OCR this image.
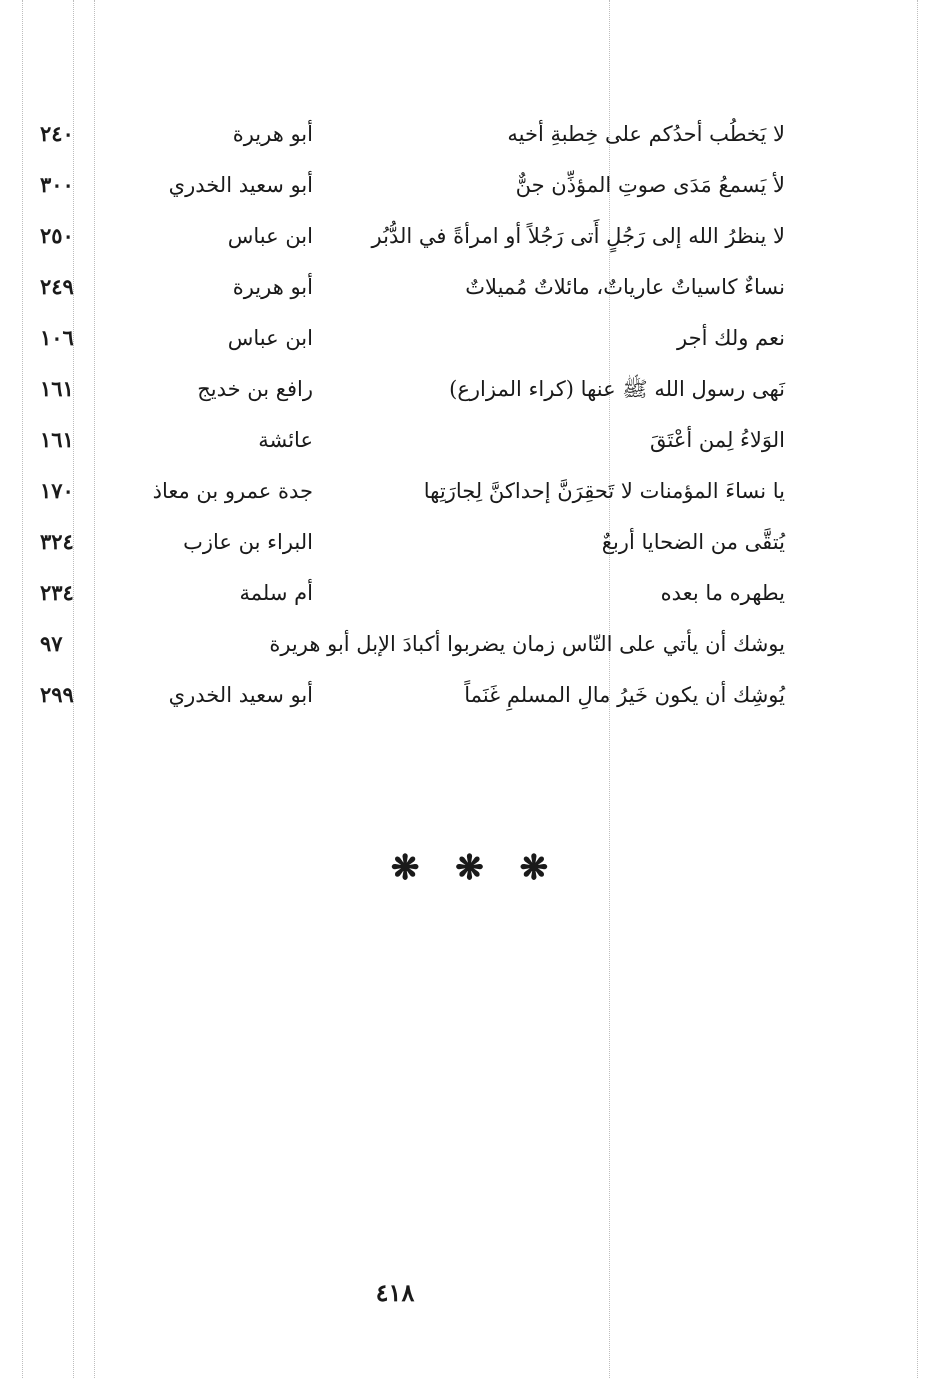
لا يَخطُب أحدُكم على خِطبةِ أخيه
أبو هريرة
٢٤٠
لأ يَسمعُ مَدَى صوتِ المؤذِّن جنٌّ
أبو سعيد الخدري
٣٠٠
لا ينظرُ الله إلى رَجُلٍ أَتى رَجُلاً أو امرأةً في الدُّبُر
ابن عباس
٢٥٠
نساءٌ كاسياتٌ عارياتٌ، مائلاتٌ مُميلاتٌ
أبو هريرة
٢٤٩
نعم ولك أجر
ابن عباس
١٠٦
نَهى رسول الله ﷺ عنها (كراء المزارع)
رافع بن خديج
١٦١
الوَلاءُ لِمن أعْتَقَ
عائشة
١٦١
يا نساءَ المؤمنات لا تَحقِرَنَّ إحداكنَّ لِجارَتِها
جدة عمرو بن معاذ
١٧٠
يُتقَّى من الضحايا أربعٌ
البراء بن عازب
٣٢٤
يطهره ما بعده
أم سلمة
٢٣٤
يوشك أن يأتي على النّاس زمان يضربوا أكبادَ الإبل أبو هريرة
٩٧
يُوشِك أن يكون خَيرُ مالِ المسلمِ غَنَماً
أبو سعيد الخدري
٢٩٩
❋ ❋ ❋
٤١٨
